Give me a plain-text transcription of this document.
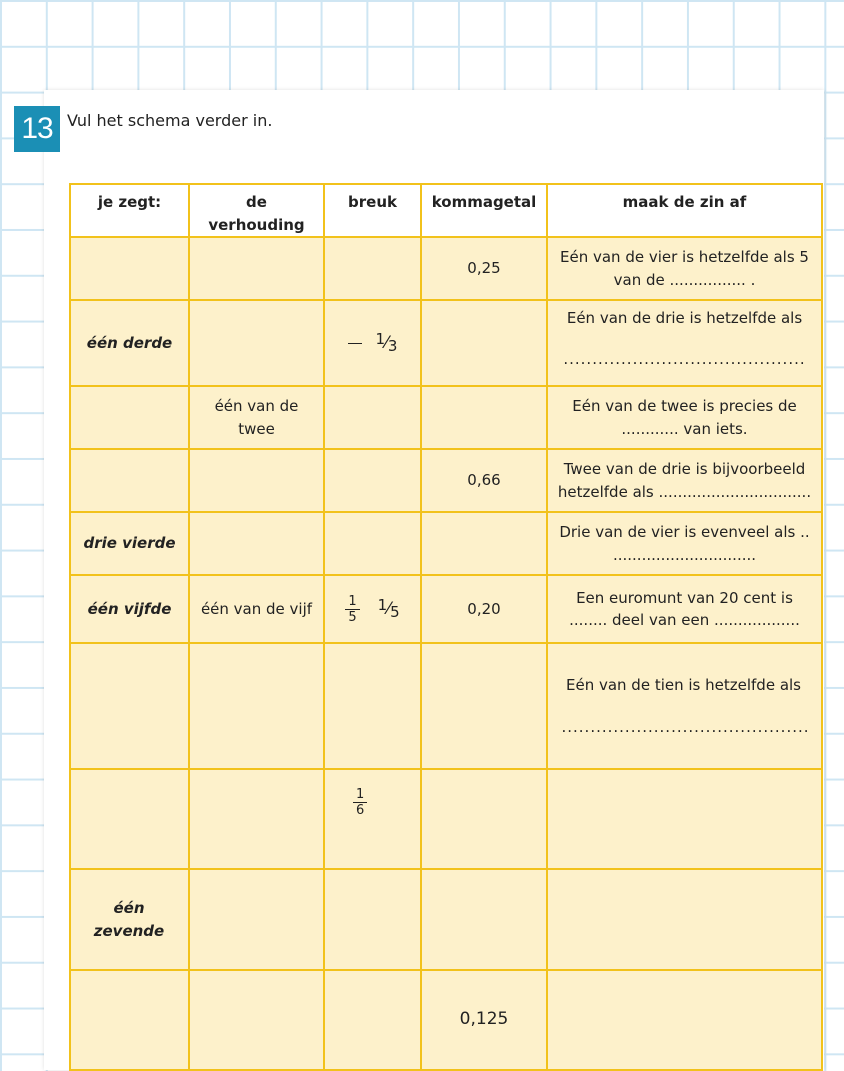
13 Vul het schema verder in.
je zegt:	de verhouding	breuk	kommagetal	maak de zin af
			0,25	Eén van de vier is hetzelfde als 5 van de ................ .
één derde		$^1⁄_3$		Eén van de drie is hetzelfde als
..........................................

	één van de twee			Eén van de twee is precies de ............ van iets.
			0,66	Twee van de drie is bijvoorbeeld hetzelfde als ................................
drie vierde				Drie van de vier is evenveel als .. ..............................
één vijfde	één van de vijf	$\frac{1}{5}$ $^1⁄_5$	0,20	Een euromunt van 20 cent is ........ deel van een ..................
				Eén van de tien is hetzelfde als
...........................................

		$\frac{1}{6}$

één zevende				
			0,125	
